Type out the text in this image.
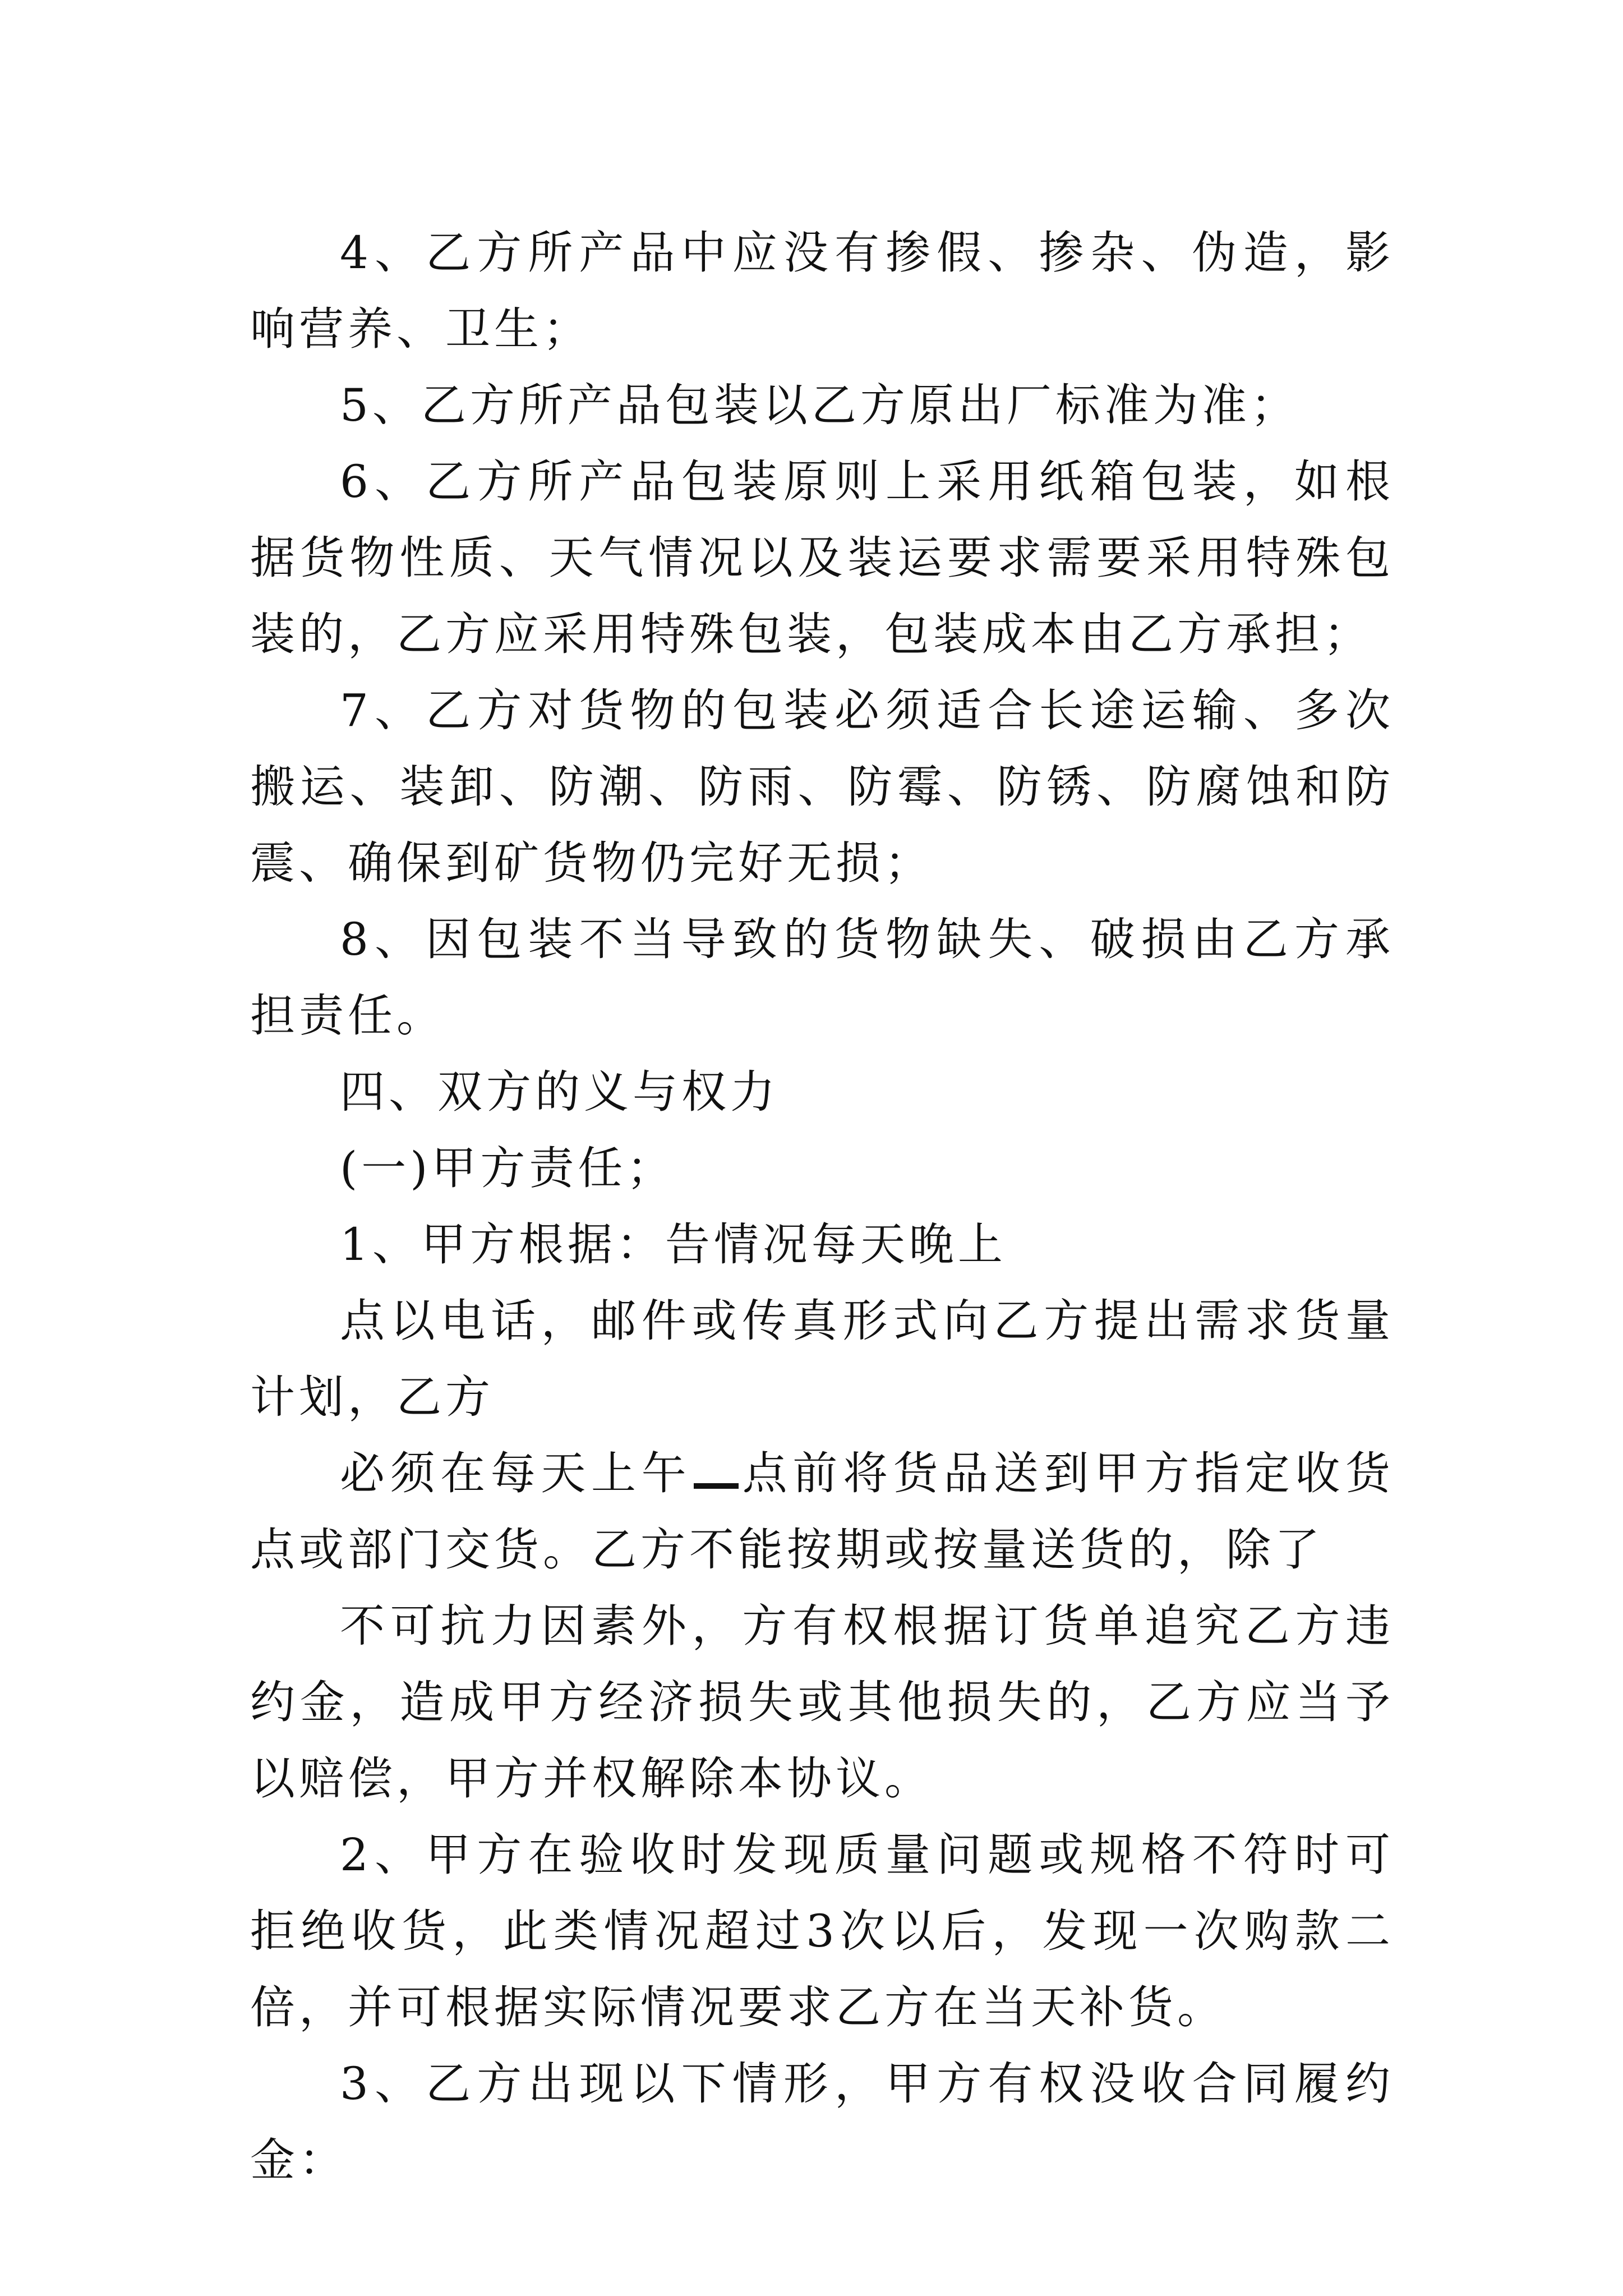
4、乙方所产品中应没有掺假、掺杂、伪造，影响营养、卫生；

5、乙方所产品包装以乙方原出厂标准为准；

6、乙方所产品包装原则上采用纸箱包装，如根据货物性质、天气情况以及装运要求需要采用特殊包装的，乙方应采用特殊包装，包装成本由乙方承担；

7、乙方对货物的包装必须适合长途运输、多次搬运、装卸、防潮、防雨、防霉、防锈、防腐蚀和防震、确保到矿货物仍完好无损；

8、因包装不当导致的货物缺失、破损由乙方承担责任。

四、双方的义与权力

(一)甲方责任；

1、甲方根据：告情况每天晚上

点以电话，邮件或传真形式向乙方提出需求货量计划，乙方

必须在每天上午 点前将货品送到甲方指定收货点或部门交货。乙方不能按期或按量送货的，除了

不可抗力因素外，方有权根据订货单追究乙方违约金，造成甲方经济损失或其他损失的，乙方应当予以赔偿，甲方并权解除本协议。

2、甲方在验收时发现质量问题或规格不符时可拒绝收货，此类情况超过3次以后，发现一次购款二倍，并可根据实际情况要求乙方在当天补货。

3、乙方出现以下情形，甲方有权没收合同履约金：
